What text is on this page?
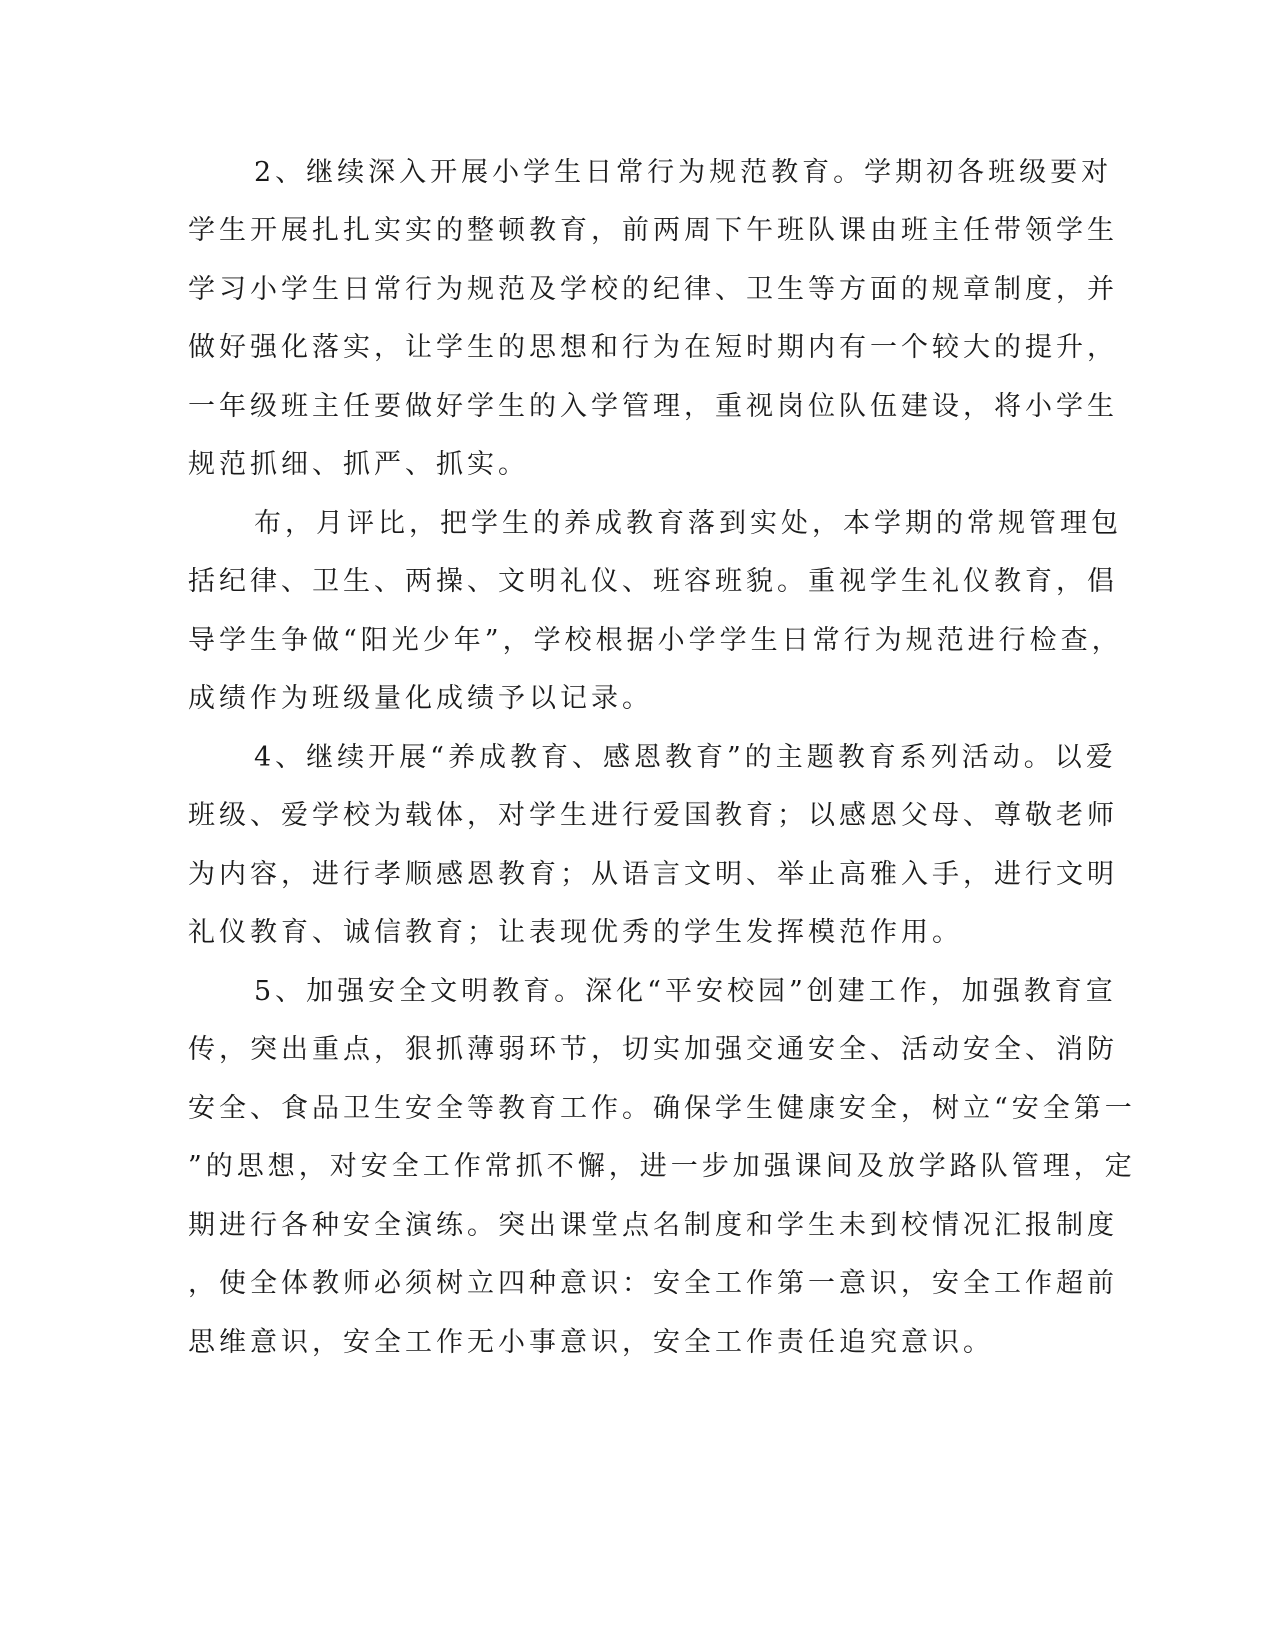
2、继续深入开展小学生日常行为规范教育。学期初各班级要对
学生开展扎扎实实的整顿教育，前两周下午班队课由班主任带领学生
学习小学生日常行为规范及学校的纪律、卫生等方面的规章制度，并
做好强化落实，让学生的思想和行为在短时期内有一个较大的提升，
一年级班主任要做好学生的入学管理，重视岗位队伍建设，将小学生
规范抓细、抓严、抓实。
布，月评比，把学生的养成教育落到实处，本学期的常规管理包
括纪律、卫生、两操、文明礼仪、班容班貌。重视学生礼仪教育，倡
导学生争做“阳光少年”，学校根据小学学生日常行为规范进行检查，
成绩作为班级量化成绩予以记录。
4、继续开展“养成教育、感恩教育”的主题教育系列活动。以爱
班级、爱学校为载体，对学生进行爱国教育；以感恩父母、尊敬老师
为内容，进行孝顺感恩教育；从语言文明、举止高雅入手，进行文明
礼仪教育、诚信教育；让表现优秀的学生发挥模范作用。
5、加强安全文明教育。深化“平安校园”创建工作，加强教育宣
传，突出重点，狠抓薄弱环节，切实加强交通安全、活动安全、消防
安全、食品卫生安全等教育工作。确保学生健康安全，树立“安全第一
”的思想，对安全工作常抓不懈，进一步加强课间及放学路队管理，定
期进行各种安全演练。突出课堂点名制度和学生未到校情况汇报制度
，使全体教师必须树立四种意识：安全工作第一意识，安全工作超前
思维意识，安全工作无小事意识，安全工作责任追究意识。
